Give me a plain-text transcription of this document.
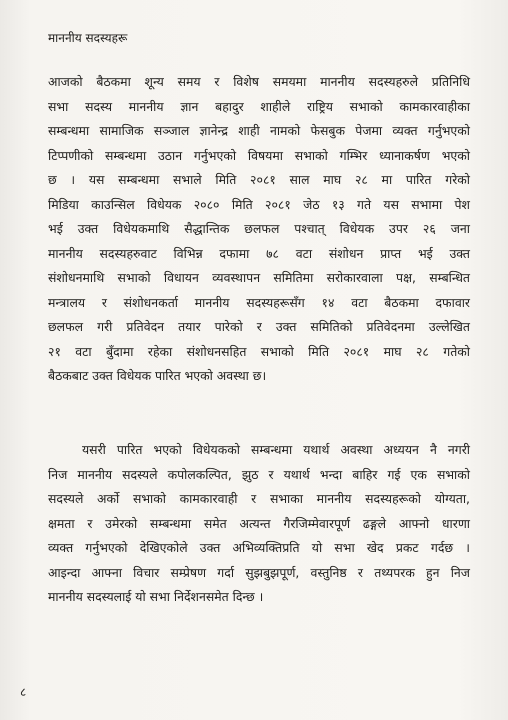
माननीय सदस्यहरू
आजको बैठकमा शून्य समय र विशेष समयमा माननीय सदस्यहरुले प्रतिनिधि
सभा सदस्य माननीय ज्ञान बहादुर शाहीले राष्ट्रिय सभाको कामकारवाहीका
सम्बन्धमा सामाजिक सञ्जाल ज्ञानेन्द्र शाही नामको फेसबुक पेजमा व्यक्त गर्नुभएको
टिप्पणीको सम्बन्धमा उठान गर्नुभएको विषयमा सभाको गम्भिर ध्यानाकर्षण भएको
छ । यस सम्बन्धमा सभाले मिति २०८१ साल माघ २८ मा पारित गरेको
मिडिया काउन्सिल विधेयक २०८० मिति २०८१ जेठ १३ गते यस सभामा पेश
भई उक्त विधेयकमाथि सैद्धान्तिक छलफल पश्चात् विधेयक उपर २६ जना
माननीय सदस्यहरुवाट विभिन्न दफामा ७८ वटा संशोधन प्राप्त भई उक्त
संशोधनमाथि सभाको विधायन व्यवस्थापन समितिमा सरोकारवाला पक्ष, सम्बन्धित
मन्त्रालय र संशोधनकर्ता माननीय सदस्यहरूसँग १४ वटा बैठकमा दफावार
छलफल गरी प्रतिवेदन तयार पारेको र उक्त समितिको प्रतिवेदनमा उल्लेखित
२१ वटा बुँदामा रहेका संशोधनसहित सभाको मिति २०८१ माघ २८ गतेको
बैठकबाट उक्त विधेयक पारित भएको अवस्था छ।
यसरी पारित भएको विधेयकको सम्बन्धमा यथार्थ अवस्था अध्ययन नै नगरी
निज माननीय सदस्यले कपोलकल्पित, झुठ र यथार्थ भन्दा बाहिर गई एक सभाको
सदस्यले अर्को सभाको कामकारवाही र सभाका माननीय सदस्यहरूको योग्यता,
क्षमता र उमेरको सम्बन्धमा समेत अत्यन्त गैरजिम्मेवारपूर्ण ढङ्गले आफ्नो धारणा
व्यक्त गर्नुभएको देखिएकोले उक्त अभिव्यक्तिप्रति यो सभा खेद प्रकट गर्दछ ।
आइन्दा आफ्ना विचार सम्प्रेषण गर्दा सुझबुझपूर्ण, वस्तुनिष्ठ र तथ्यपरक हुन निज
माननीय सदस्यलाई यो सभा निर्देशनसमेत दिन्छ ।
८
